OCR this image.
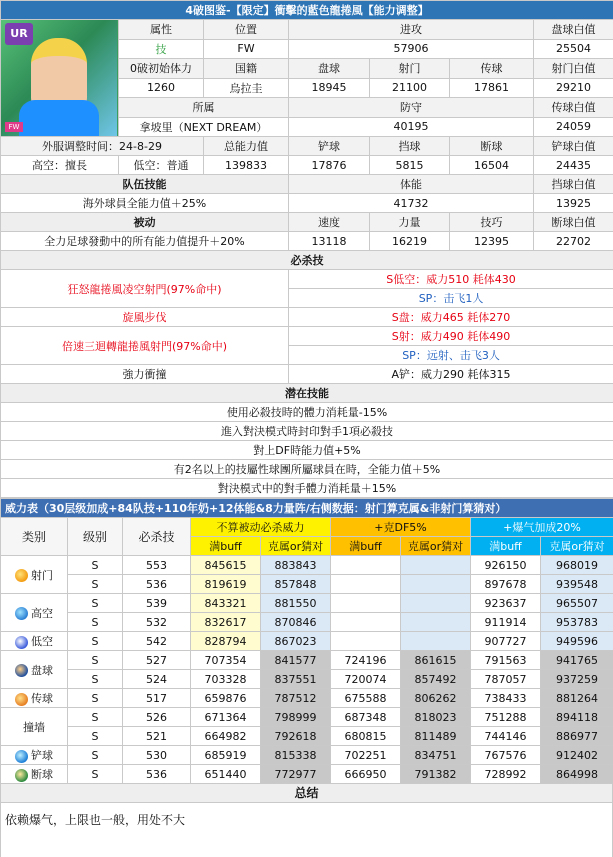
4破图鉴-【限定】衝擊的藍色龍捲風【能力调整】						

UR
FW	属性	位置	进攻			盘球白值
	技	FW	57906			25504
	0破初始体力	国籍	盘球	射门	传球	射门白值
	1260	烏拉圭	18945	21100	17861	29210
	所属		防守			传球白值
	拿坡里（NEXT DREAM）		40195			24059
外服调整时间：24-8-29		总能力值	铲球	挡球	断球	铲球白值
高空：擅長	低空：普通	139833	17876	5815	16504	24435
队伍技能			体能			挡球白值
海外球員全能力值＋25%			41732			13925
被动			速度	力量	技巧	断球白值
全力足球發動中的所有能力值提升＋20%			13118	16219	12395	22702
必杀技						
狂怒龍捲風凌空射門(97%命中)			S低空：威力510 耗体430			
			SP：击飞1人			
旋風步伐			S盘：威力465 耗体270			
倍速三迴轉龍捲風射門(97%命中)			S射：威力490 耗体490			
			SP：远射、击飞3人			
強力衝撞			A铲：威力290 耗体315			
潜在技能						
使用必殺技時的體力消耗量-15%						
進入對決模式時封印對手1項必殺技						
對上DF時能力值+5%						
有2名以上的技屬性球團所屬球員在時，全能力值＋5%						
對決模式中的對手體力消耗量＋15%						
威力表（30层级加成+84队技+110年奶+12体能&8力量阵/右侧数据：射门算克属&非射门算猜对）								
类别	级别	必杀技	不算被动必杀威力		+克DF5%		+爆气加成20%	
			满buff	克属or猜对	满buff	克属or猜对	满buff	克属or猜对
射门	S	553	845615	883843			926150	968019
	S	536	819619	857848			897678	939548
高空	S	539	843321	881550			923637	965507
	S	532	832617	870846			911914	953783
低空	S	542	828794	867023			907727	949596
盘球	S	527	707354	841577	724196	861615	791563	941765
	S	524	703328	837551	720074	857492	787057	937259
传球	S	517	659876	787512	675588	806262	738433	881264
撞墙	S	526	671364	798999	687348	818023	751288	894118
	S	521	664982	792618	680815	811489	744146	886977
铲球	S	530	685919	815338	702251	834751	767576	912402
断球	S	536	651440	772977	666950	791382	728992	864998
总结
依赖爆气，上限也一般，用处不大
